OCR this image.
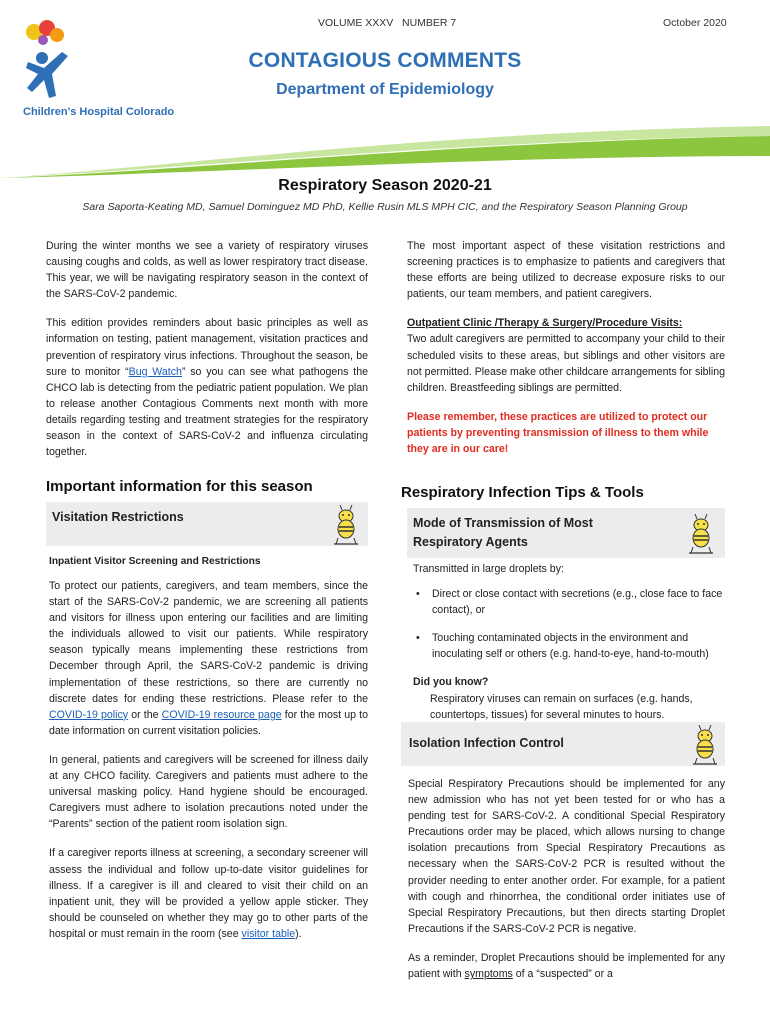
VOLUME XXXV NUMBER 7	October 2020
Children's Hospital Colorado
CONTAGIOUS COMMENTS
Department of Epidemiology
Respiratory Season 2020-21
Sara Saporta-Keating MD, Samuel Dominguez MD PhD, Kellie Rusin MLS MPH CIC, and the Respiratory Season Planning Group

During the winter months we see a variety of respiratory viruses causing coughs and colds, as well as lower respiratory tract disease. This year, we will be navigating respiratory season in the context of the SARS-CoV-2 pandemic.

This edition provides reminders about basic principles as well as information on testing, patient management, visitation practices and prevention of respiratory virus infections. Throughout the season, be sure to monitor “Bug Watch” so you can see what pathogens the CHCO lab is detecting from the pediatric patient population. We plan to release another Contagious Comments next month with more details regarding testing and treatment strategies for the respiratory season in the context of SARS-CoV-2 and influenza circulating together.

Important information for this season
Visitation Restrictions
Inpatient Visitor Screening and Restrictions

To protect our patients, caregivers, and team members, since the start of the SARS-CoV-2 pandemic, we are screening all patients and visitors for illness upon entering our facilities and are limiting the individuals allowed to visit our patients. While respiratory season typically means implementing these restrictions from December through April, the SARS-CoV-2 pandemic is driving implementation of these restrictions, so there are currently no discrete dates for ending these restrictions. Please refer to the COVID-19 policy or the COVID-19 resource page for the most up to date information on current visitation policies.

In general, patients and caregivers will be screened for illness daily at any CHCO facility. Caregivers and patients must adhere to the universal masking policy. Hand hygiene should be encouraged. Caregivers must adhere to isolation precautions noted under the “Parents” section of the patient room isolation sign.

If a caregiver reports illness at screening, a secondary screener will assess the individual and follow up-to-date visitor guidelines for illness. If a caregiver is ill and cleared to visit their child on an inpatient unit, they will be provided a yellow apple sticker. They should be counseled on whether they may go to other parts of the hospital or must remain in the room (see visitor table).

The most important aspect of these visitation restrictions and screening practices is to emphasize to patients and caregivers that these efforts are being utilized to decrease exposure risks to our patients, our team members, and patient caregivers.

Outpatient Clinic /Therapy & Surgery/Procedure Visits:

Two adult caregivers are permitted to accompany your child to their scheduled visits to these areas, but siblings and other visitors are not permitted. Please make other childcare arrangements for sibling children. Breastfeeding siblings are permitted.

Please remember, these practices are utilized to protect our patients by preventing transmission of illness to them while they are in our care!

Respiratory Infection Tips & Tools
Mode of Transmission of Most Respiratory Agents
Transmitted in large droplets by:
• Direct or close contact with secretions (e.g., close face to face contact), or
• Touching contaminated objects in the environment and inoculating self or others (e.g. hand-to-eye, hand-to-mouth)
Did you know?
Respiratory viruses can remain on surfaces (e.g. hands, countertops, tissues) for several minutes to hours.
Isolation Infection Control

Special Respiratory Precautions should be implemented for any new admission who has not yet been tested for or who has a pending test for SARS-CoV-2. A conditional Special Respiratory Precautions order may be placed, which allows nursing to change isolation precautions from Special Respiratory Precautions as necessary when the SARS-CoV-2 PCR is resulted without the provider needing to enter another order. For example, for a patient with cough and rhinorrhea, the conditional order initiates use of Special Respiratory Precautions, but then directs starting Droplet Precautions if the SARS-CoV-2 PCR is negative.

As a reminder, Droplet Precautions should be implemented for any patient with symptoms of a “suspected” or a
